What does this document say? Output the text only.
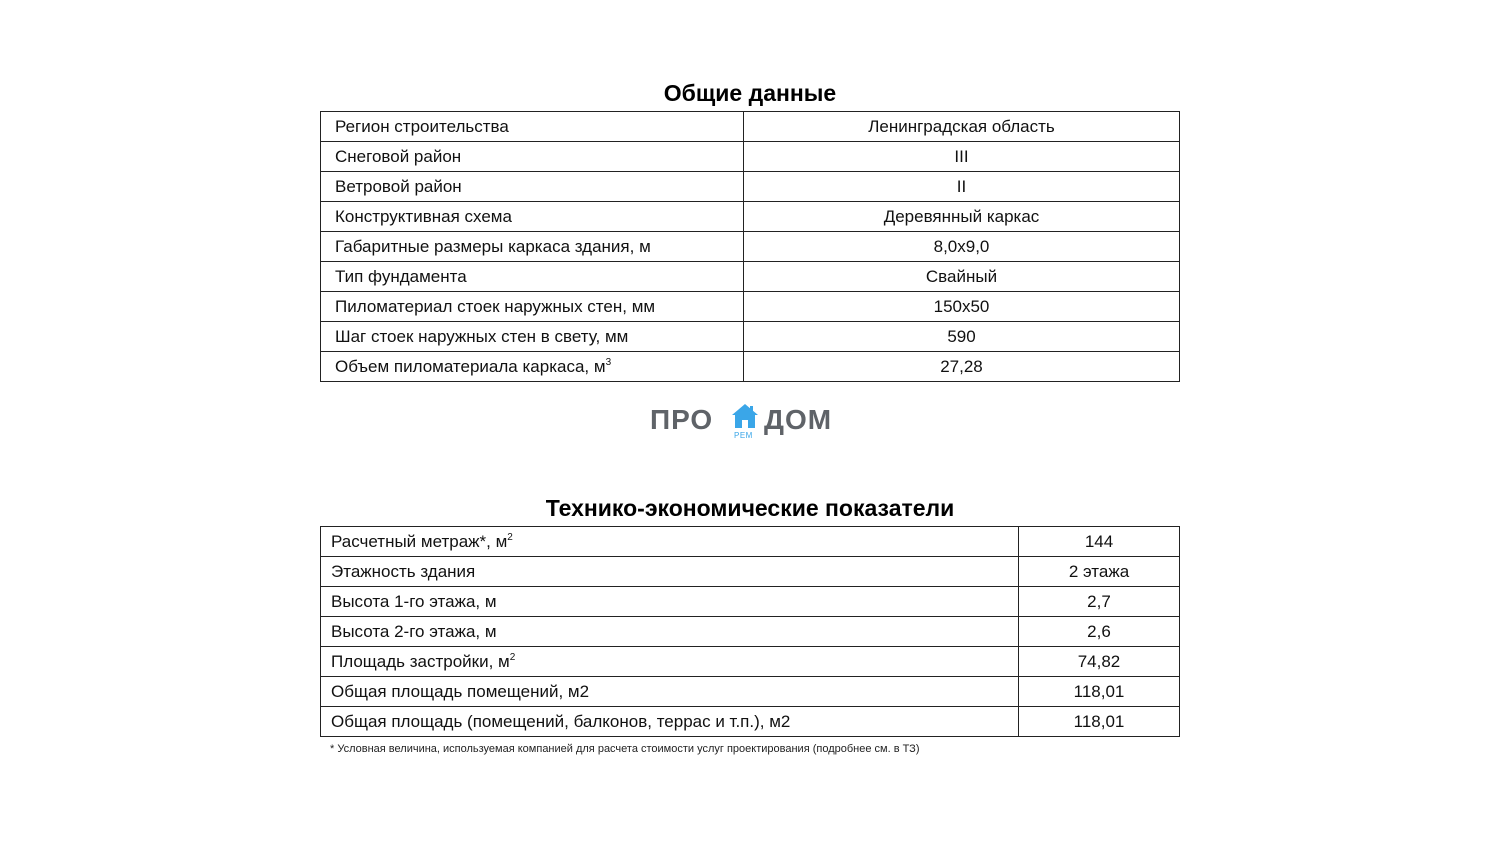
Общие данные
Регион строительства	Ленинградская область
Снеговой район	III
Ветровой район	II
Конструктивная схема	Деревянный каркас
Габаритные размеры каркаса здания, м	8,0x9,0
Тип фундамента	Свайный
Пиломатериал стоек наружных стен, мм	150x50
Шаг стоек наружных стен в свету, мм	590
Объем пиломатериала каркаса, $м^3$	27,28
ПРО
РЕМ
ДОМ
Технико-экономические показатели
Расчетный метраж*, $м^2$	144
Этажность здания	2 этажа
Высота 1-го этажа, м	2,7
Высота 2-го этажа, м	2,6
Площадь застройки, $м^2$	74,82
Общая площадь помещений, м2	118,01
Общая площадь (помещений, балконов, террас и т.п.), м2	118,01
* Условная величина, используемая компанией для расчета стоимости услуг проектирования (подробнее см. в ТЗ)
